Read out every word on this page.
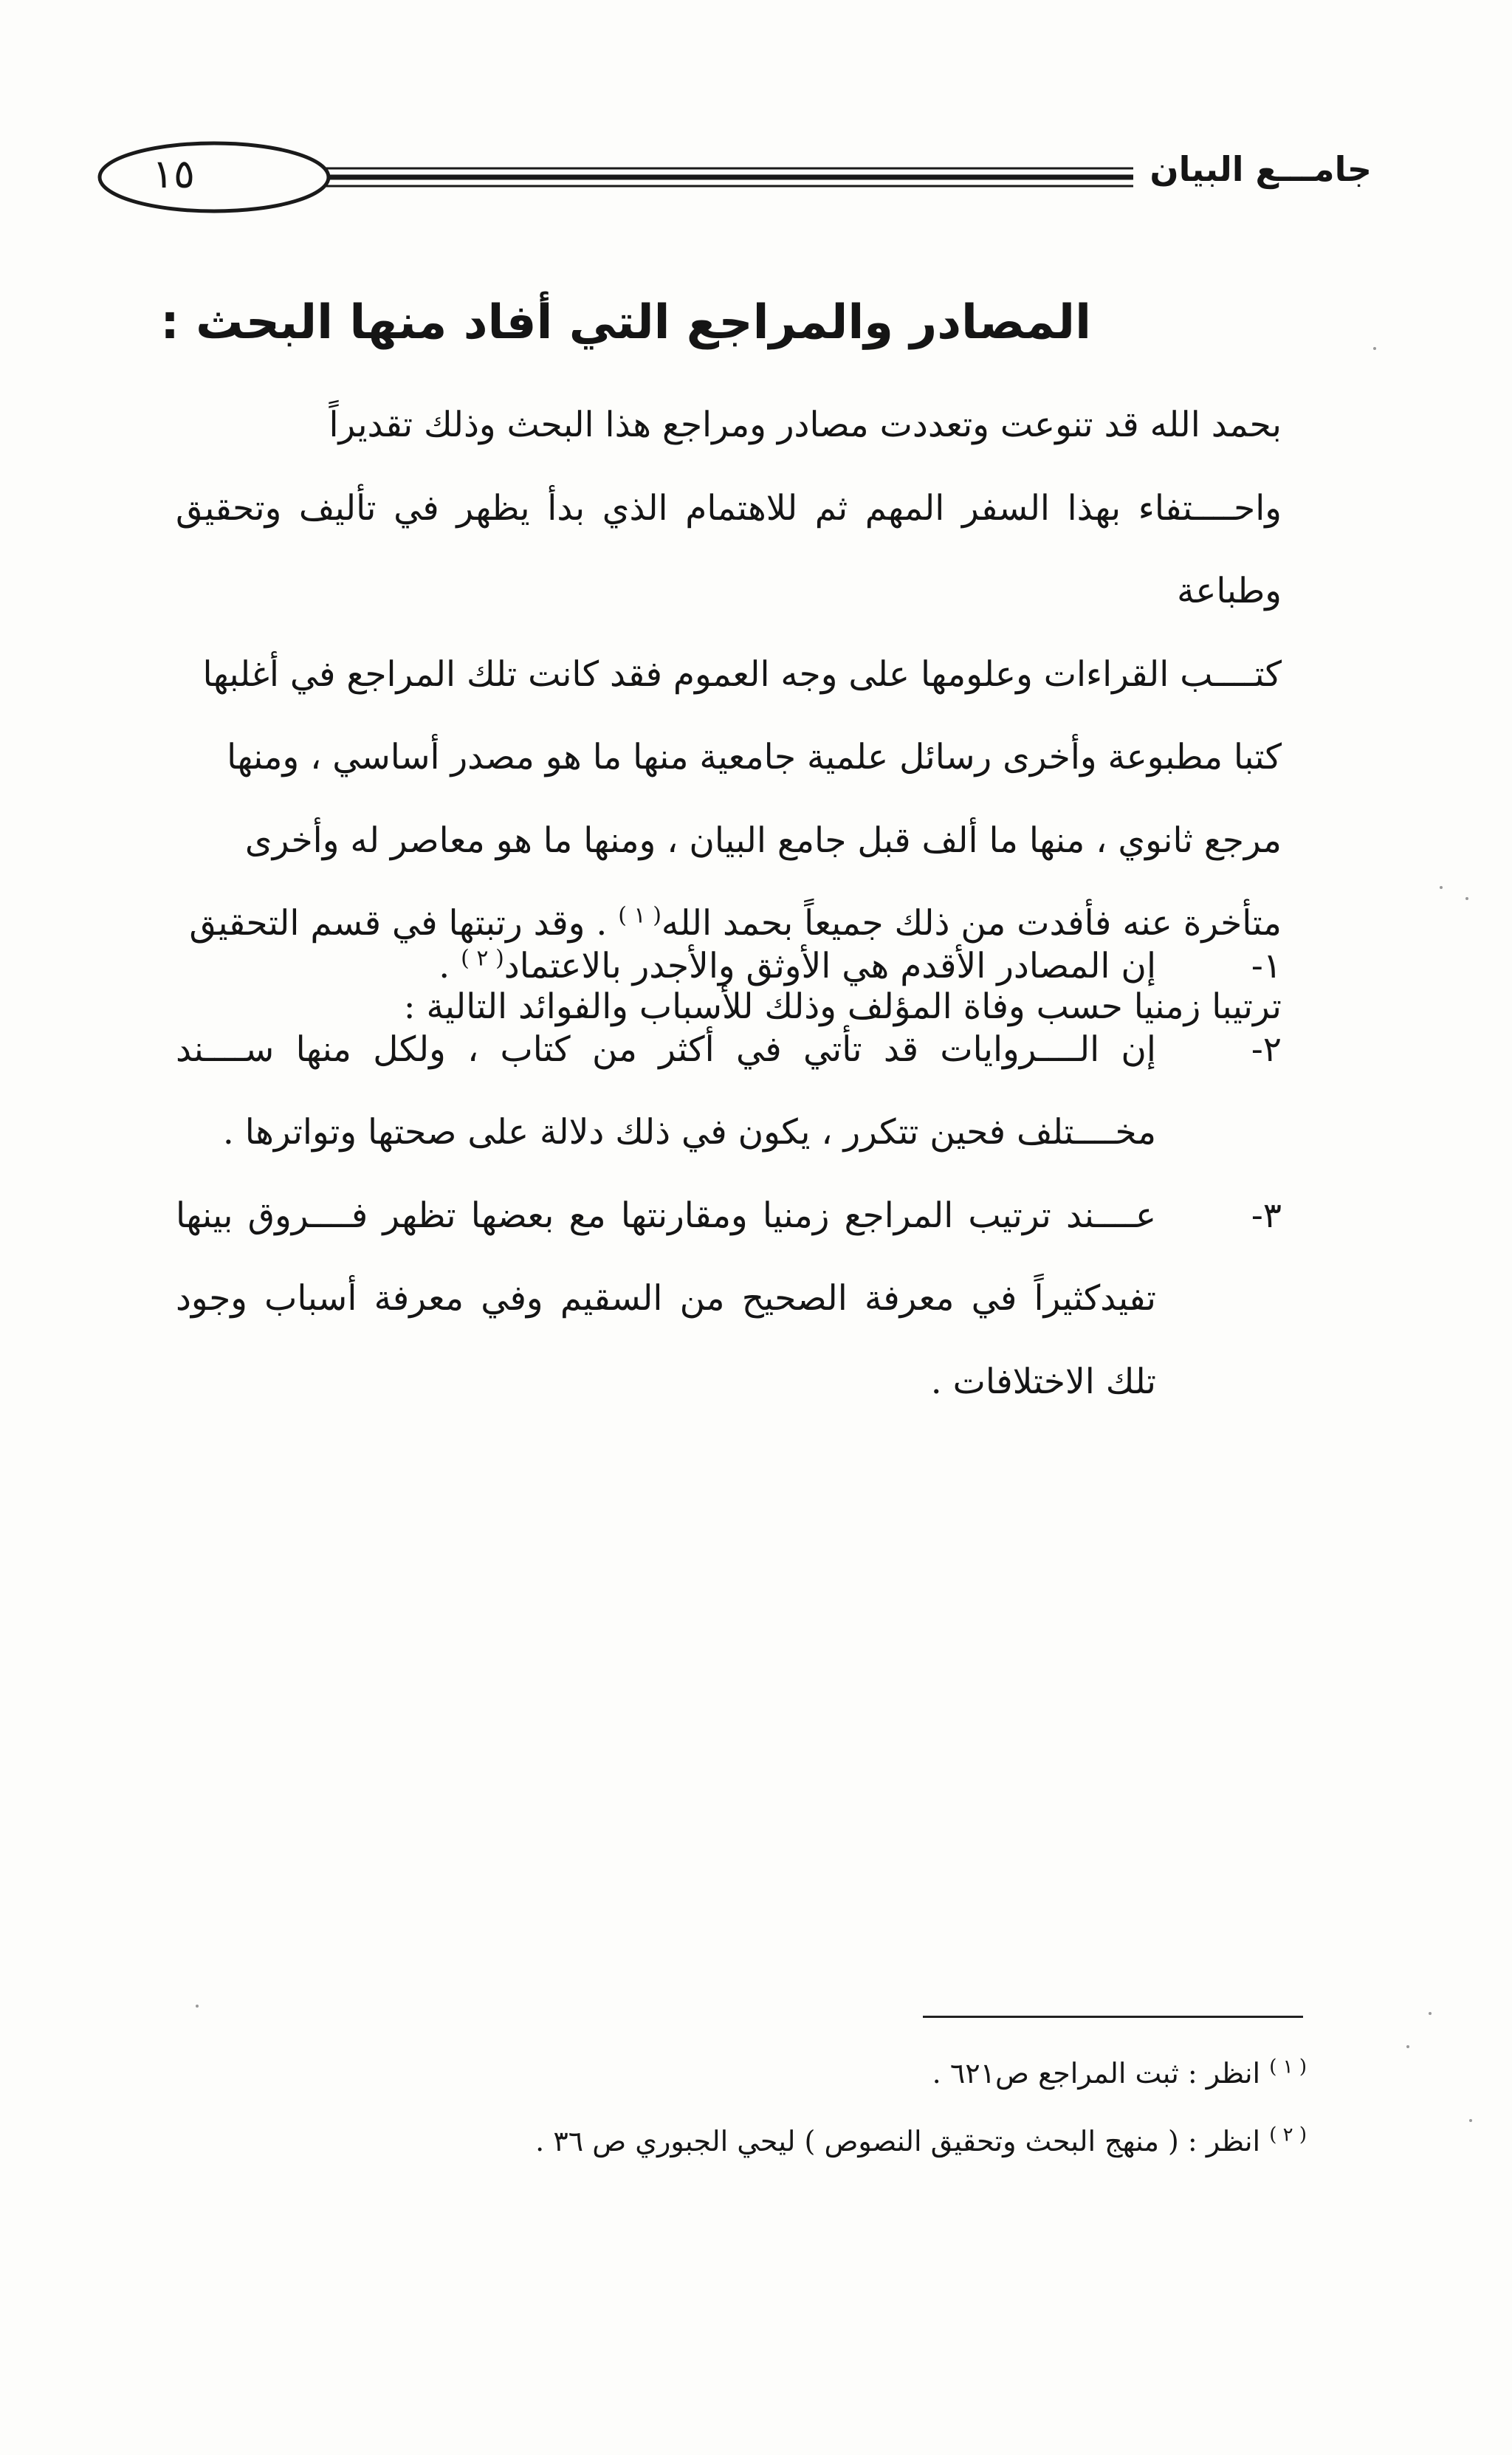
١٥	جامـــع البيان
المصادر والمراجع التي أفاد منها البحث :

بحمد الله قد تنوعت وتعددت مصادر ومراجع هذا البحث وذلك تقديراً

واحــــتفاء بهذا السفر المهم ثم للاهتمام الذي بدأ يظهر في تأليف وتحقيق وطباعة

كتــــب القراءات وعلومها على وجه العموم فقد كانت تلك المراجع في أغلبها

كتبا مطبوعة وأخرى رسائل علمية جامعية منها ما هو مصدر أساسي ، ومنها

مرجع ثانوي ، منها ما ألف قبل جامع البيان ، ومنها ما هو معاصر له وأخرى

متأخرة عنه فأفدت من ذلك جميعاً بحمد الله$^{( ١ )}$ . وقد رتبتها في قسم التحقيق

ترتيبا زمنيا حسب وفاة المؤلف وذلك للأسباب والفوائد التالية :

١-
إن المصادر الأقدم هي الأوثق والأجدر بالاعتماد$^{( ٢ )}$ .
٢-
إن الــــروايات قد تأتي في أكثر من كتاب ، ولكل منها ســــند مخــــتلف فحين تتكرر ، يكون في ذلك دلالة على صحتها وتواترها .
٣-
عــــند ترتيب المراجع زمنيا ومقارنتها مع بعضها تظهر فــــروق بينها تفيدكثيراً في معرفة الصحيح من السقيم وفي معرفة أسباب وجود تلك الاختلافات .
$^{( ١ )}$ انظر : ثبت المراجع ص٦٢١ .
$^{( ٢ )}$ انظر : ( منهج البحث وتحقيق النصوص ) ليحي الجبوري ص ٣٦ .
